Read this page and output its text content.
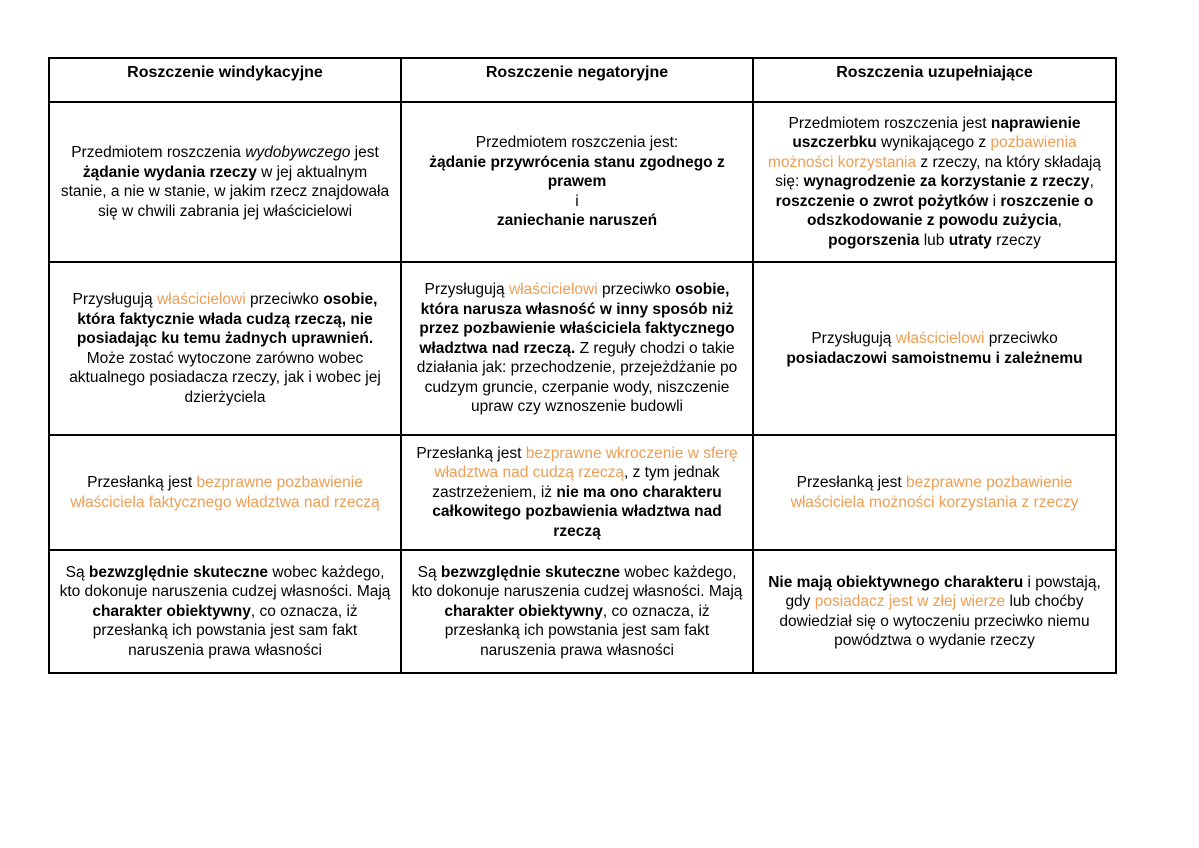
Roszczenie windykacyjne	Roszczenie negatoryjne	Roszczenia uzupełniające
Przedmiotem roszczenia wydobywczego jest żądanie wydania rzeczy w jej aktualnym stanie, a nie w stanie, w jakim rzecz znajdowała się w chwili zabrania jej właścicielowi	Przedmiotem roszczenia jest:
żądanie przywrócenia stanu zgodnego z prawem
i
zaniechanie naruszeń	Przedmiotem roszczenia jest naprawienie uszczerbku wynikającego z pozbawienia możności korzystania z rzeczy, na który składają się: wynagrodzenie za korzystanie z rzeczy, roszczenie o zwrot pożytków i roszczenie o odszkodowanie z powodu zużycia, pogorszenia lub utraty rzeczy
Przysługują właścicielowi przeciwko osobie, która faktycznie włada cudzą rzeczą, nie posiadając ku temu żadnych uprawnień. Może zostać wytoczone zarówno wobec aktualnego posiadacza rzeczy, jak i wobec jej dzierżyciela	Przysługują właścicielowi przeciwko osobie, która narusza własność w inny sposób niż przez pozbawienie właściciela faktycznego władztwa nad rzeczą. Z reguły chodzi o takie działania jak: przechodzenie, przejeżdżanie po cudzym gruncie, czerpanie wody, niszczenie upraw czy wznoszenie budowli	Przysługują właścicielowi przeciwko posiadaczowi samoistnemu i zależnemu
Przesłanką jest bezprawne pozbawienie właściciela faktycznego władztwa nad rzeczą	Przesłanką jest bezprawne wkroczenie w sferę władztwa nad cudzą rzeczą, z tym jednak zastrzeżeniem, iż nie ma ono charakteru całkowitego pozbawienia władztwa nad rzeczą	Przesłanką jest bezprawne pozbawienie właściciela możności korzystania z rzeczy
Są bezwzględnie skuteczne wobec każdego, kto dokonuje naruszenia cudzej własności. Mają charakter obiektywny, co oznacza, iż przesłanką ich powstania jest sam fakt naruszenia prawa własności	Są bezwzględnie skuteczne wobec każdego, kto dokonuje naruszenia cudzej własności. Mają charakter obiektywny, co oznacza, iż przesłanką ich powstania jest sam fakt naruszenia prawa własności	Nie mają obiektywnego charakteru i powstają, gdy posiadacz jest w złej wierze lub choćby dowiedział się o wytoczeniu przeciwko niemu powództwa o wydanie rzeczy
